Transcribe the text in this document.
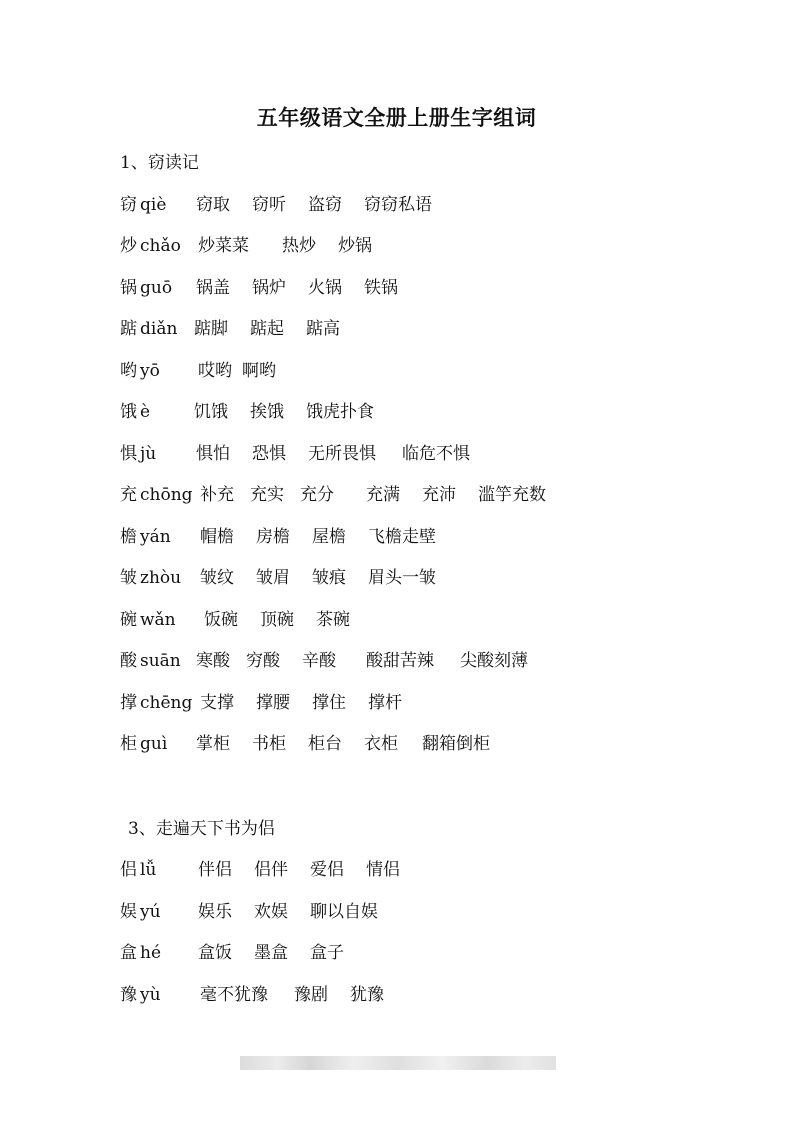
五年级语文全册上册生字组词
1、窃读记
3、走遍天下书为侣
窃 qiè 窃取 窃听 盗窃 窃窃私语
炒 chǎo 炒菜菜 热炒 炒锅
锅 guō 锅盖 锅炉 火锅 铁锅
踮 diǎn 踮脚 踮起 踮高
哟 yō 哎哟 啊哟
饿 è	饥饿 挨饿 饿虎扑食
惧 jù 惧怕 恐惧 无所畏惧 临危不惧
充 chōng 补充 充实 充分 充满 充沛 滥竽充数
檐 yán 帽檐 房檐 屋檐 飞檐走壁
皱 zhòu 皱纹 皱眉 皱痕 眉头一皱
碗 wǎn 饭碗 顶碗 茶碗
酸 suān 寒酸 穷酸 辛酸 酸甜苦辣 尖酸刻薄
撑 chēng 支撑 撑腰 撑住 撑杆
柜 guì 掌柜 书柜 柜台 衣柜 翻箱倒柜
侣 lǚ 伴侣 侣伴 爱侣 情侣
娱 yú 娱乐 欢娱 聊以自娱
盒 hé 盒饭 墨盒 盒子
豫 yù 毫不犹豫 豫剧 犹豫
